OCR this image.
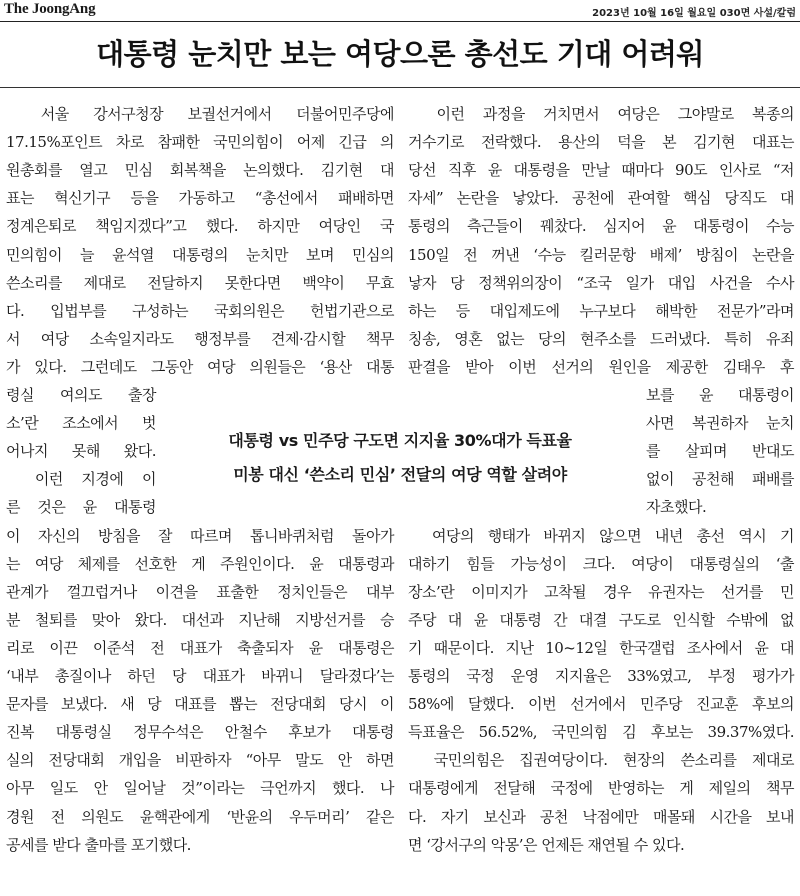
The JoongAng	2023년 10월 16일 월요일 030면 사설/칼럼
대통령 눈치만 보는 여당으론 총선도 기대 어려워
　서울 강서구청장 보궐선거에서 더불어민주당에
17.15%포인트 차로 참패한 국민의힘이 어제 긴급 의
원총회를 열고 민심 회복책을 논의했다. 김기현 대
표는 혁신기구 등을 가동하고 “총선에서 패배하면
정계은퇴로 책임지겠다”고 했다. 하지만 여당인 국
민의힘이 늘 윤석열 대통령의 눈치만 보며 민심의
쓴소리를 제대로 전달하지 못한다면 백약이 무효
다. 입법부를 구성하는 국회의원은 헌법기관으로
서 여당 소속일지라도 행정부를 견제·감시할 책무
가 있다. 그런데도 그동안 여당 의원들은 ‘용산 대통
령실 여의도 출장
소’란 조소에서 벗
어나지 못해 왔다.
　이런 지경에 이
른 것은 윤 대통령
이 자신의 방침을 잘 따르며 톱니바퀴처럼 돌아가
는 여당 체제를 선호한 게 주원인이다. 윤 대통령과
관계가 껄끄럽거나 이견을 표출한 정치인들은 대부
분 철퇴를 맞아 왔다. 대선과 지난해 지방선거를 승
리로 이끈 이준석 전 대표가 축출되자 윤 대통령은
‘내부 총질이나 하던 당 대표가 바뀌니 달라졌다’는
문자를 보냈다. 새 당 대표를 뽑는 전당대회 당시 이
진복 대통령실 정무수석은 안철수 후보가 대통령
실의 전당대회 개입을 비판하자 “아무 말도 안 하면
아무 일도 안 일어날 것”이라는 극언까지 했다. 나
경원 전 의원도 윤핵관에게 ‘반윤의 우두머리’ 같은
공세를 받다 출마를 포기했다.
　이런 과정을 거치면서 여당은 그야말로 복종의
거수기로 전락했다. 용산의 덕을 본 김기현 대표는
당선 직후 윤 대통령을 만날 때마다 90도 인사로 “저
자세” 논란을 낳았다. 공천에 관여할 핵심 당직도 대
통령의 측근들이 꿰찼다. 심지어 윤 대통령이 수능
150일 전 꺼낸 ‘수능 킬러문항 배제’ 방침이 논란을
낳자 당 정책위의장이 “조국 일가 대입 사건을 수사
하는 등 대입제도에 누구보다 해박한 전문가”라며
칭송, 영혼 없는 당의 현주소를 드러냈다. 특히 유죄
판결을 받아 이번 선거의 원인을 제공한 김태우 후
보를 윤 대통령이
사면 복권하자 눈치
를 살피며 반대도
없이 공천해 패배를
자초했다.
　여당의 행태가 바뀌지 않으면 내년 총선 역시 기
대하기 힘들 가능성이 크다. 여당이 대통령실의 ‘출
장소’란 이미지가 고착될 경우 유권자는 선거를 민
주당 대 윤 대통령 간 대결 구도로 인식할 수밖에 없
기 때문이다. 지난 10~12일 한국갤럽 조사에서 윤 대
통령의 국정 운영 지지율은 33%였고, 부정 평가가
58%에 달했다. 이번 선거에서 민주당 진교훈 후보의
득표율은 56.52%, 국민의힘 김 후보는 39.37%였다.
　국민의힘은 집권여당이다. 현장의 쓴소리를 제대로
대통령에게 전달해 국정에 반영하는 게 제일의 책무
다. 자기 보신과 공천 낙점에만 매몰돼 시간을 보내
면 ‘강서구의 악몽’은 언제든 재연될 수 있다.
대통령 vs 민주당 구도면 지지율 30%대가 득표율
미봉 대신 ‘쓴소리 민심’ 전달의 여당 역할 살려야
